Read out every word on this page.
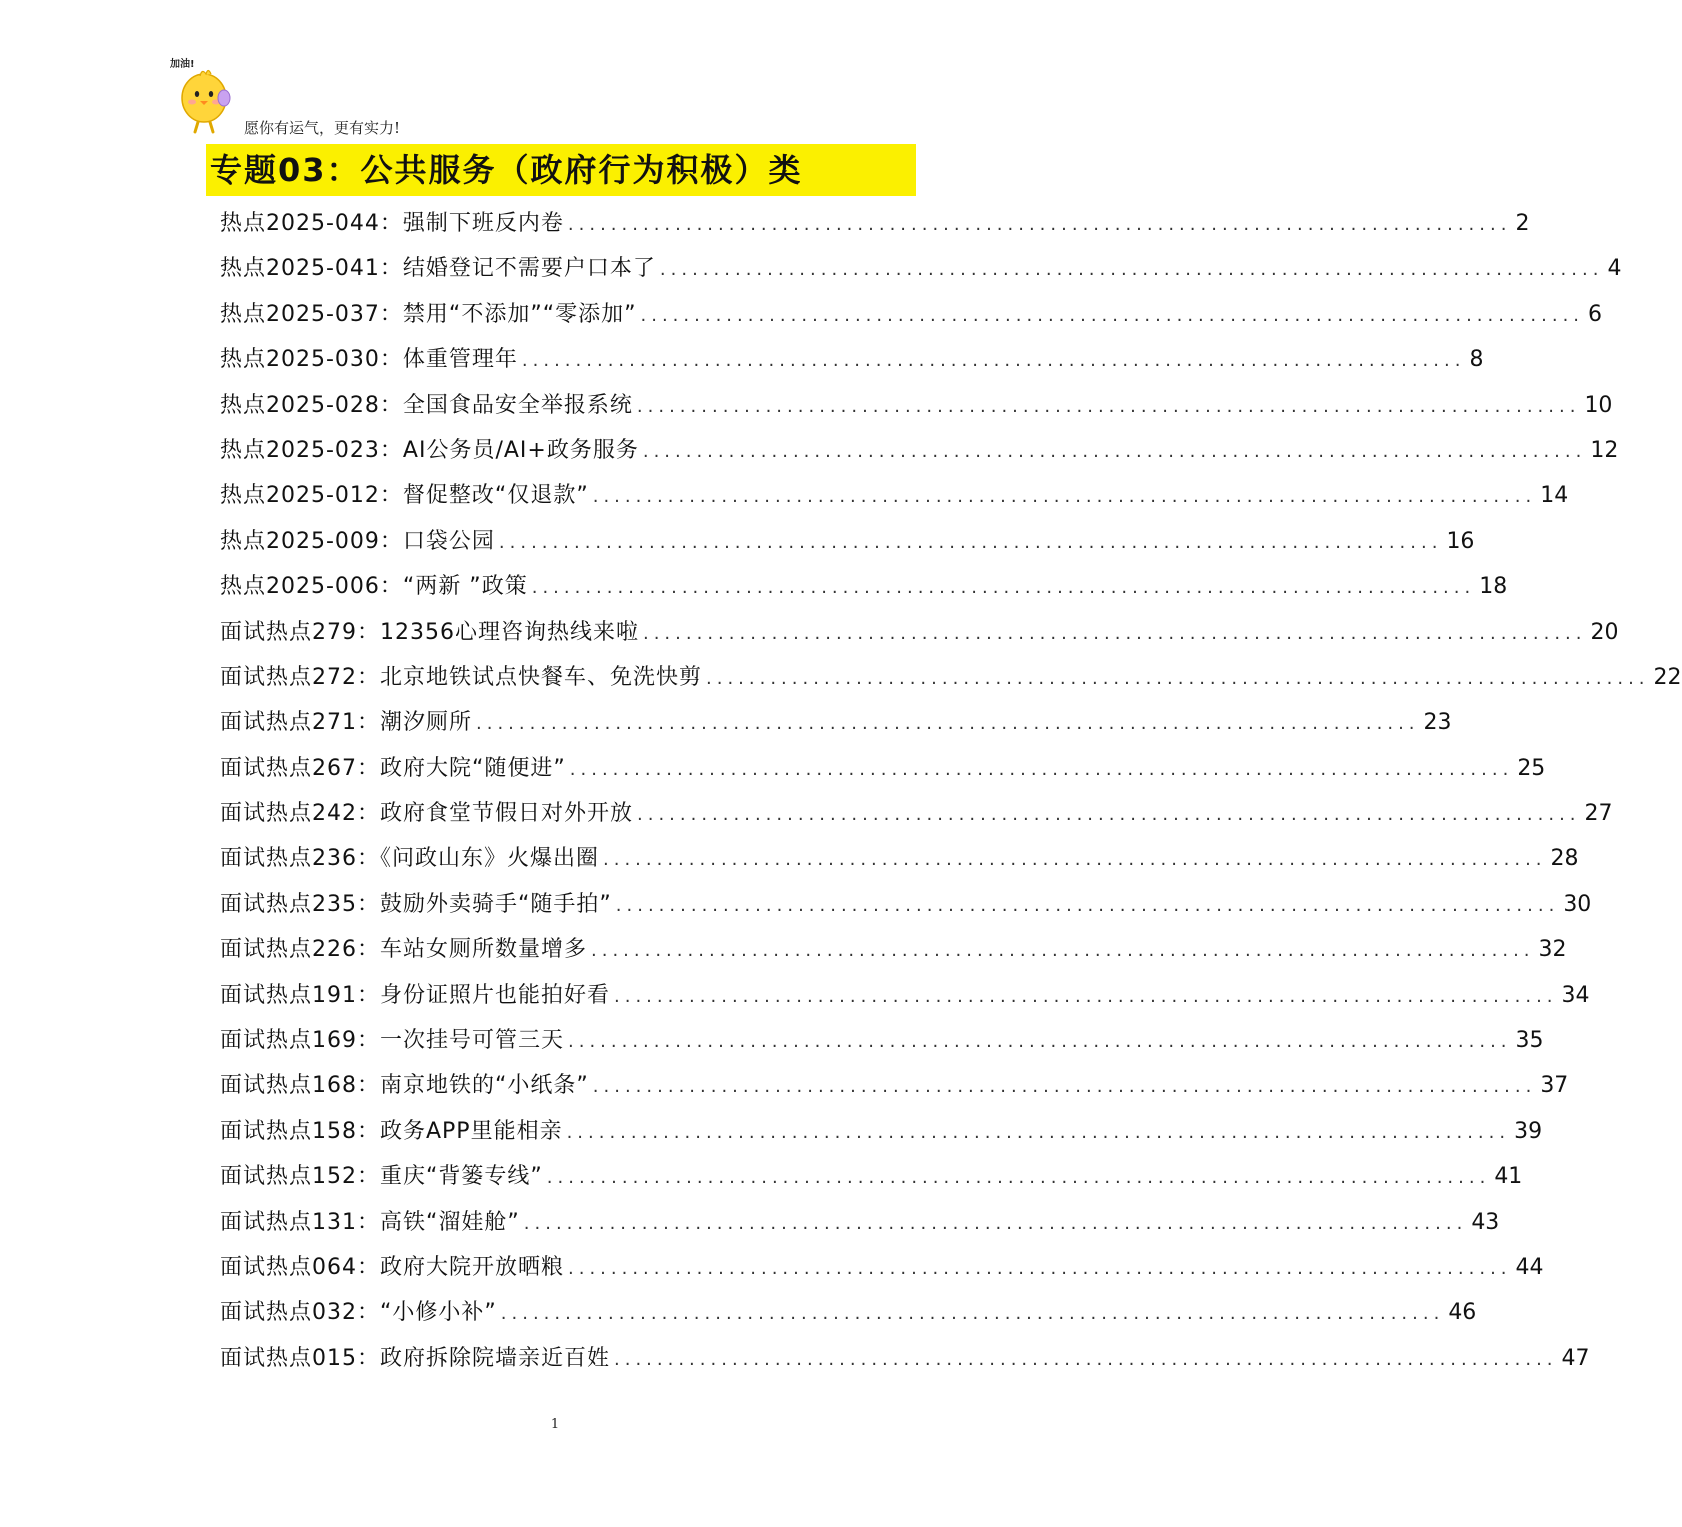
加油!
愿你有运气，更有实力!
专题03：公共服务（政府行为积极）类
热点2025-044：强制下班反内卷 ........................................................................................ 2
热点2025-041：结婚登记不需要户口本了 ........................................................................................ 4
热点2025-037：禁用“不添加”“零添加” ........................................................................................ 6
热点2025-030：体重管理年 ........................................................................................ 8
热点2025-028：全国食品安全举报系统 ........................................................................................ 10
热点2025-023：AI公务员/AI+政务服务 ........................................................................................ 12
热点2025-012：督促整改“仅退款” ........................................................................................ 14
热点2025-009：口袋公园 ........................................................................................ 16
热点2025-006：“两新 ”政策 ........................................................................................ 18
面试热点279：12356心理咨询热线来啦 ........................................................................................ 20
面试热点272：北京地铁试点快餐车、免洗快剪 ........................................................................................ 22
面试热点271：潮汐厕所 ........................................................................................ 23
面试热点267：政府大院“随便进” ........................................................................................ 25
面试热点242：政府食堂节假日对外开放 ........................................................................................ 27
面试热点236：《问政山东》火爆出圈 ........................................................................................ 28
面试热点235：鼓励外卖骑手“随手拍” ........................................................................................ 30
面试热点226：车站女厕所数量增多 ........................................................................................ 32
面试热点191：身份证照片也能拍好看 ........................................................................................ 34
面试热点169：一次挂号可管三天 ........................................................................................ 35
面试热点168：南京地铁的“小纸条” ........................................................................................ 37
面试热点158：政务APP里能相亲 ........................................................................................ 39
面试热点152：重庆“背篓专线” ........................................................................................ 41
面试热点131：高铁“溜娃舱” ........................................................................................ 43
面试热点064：政府大院开放晒粮 ........................................................................................ 44
面试热点032：“小修小补” ........................................................................................ 46
面试热点015：政府拆除院墙亲近百姓 ........................................................................................ 47
1
